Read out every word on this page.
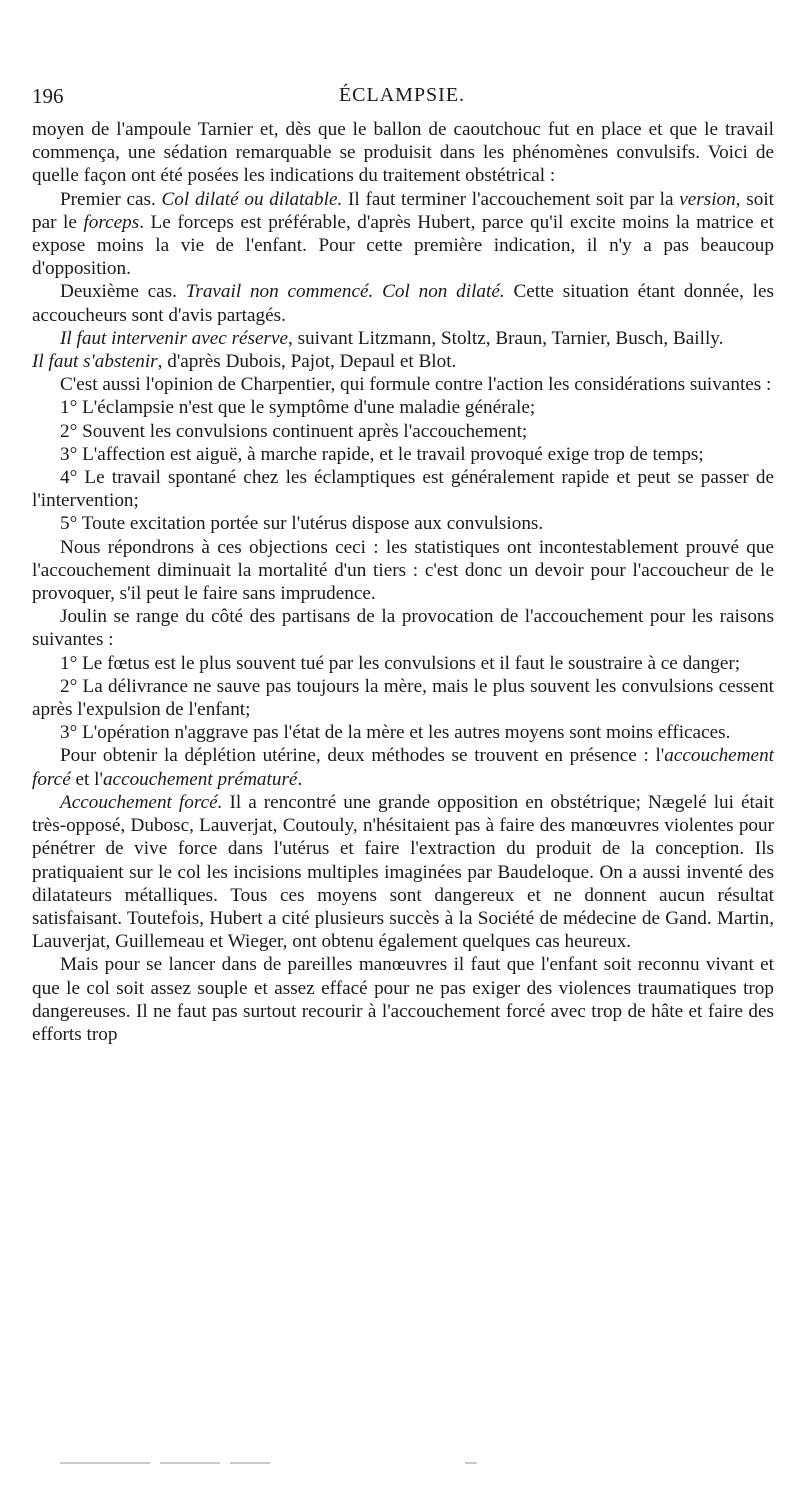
196	ÉCLAMPSIE.

moyen de l'ampoule Tarnier et, dès que le ballon de caoutchouc fut en place et que le travail commença, une sédation remarquable se produisit dans les phénomènes convulsifs. Voici de quelle façon ont été posées les indications du traitement obstétrical :

Premier cas. Col dilaté ou dilatable. Il faut terminer l'accouchement soit par la version, soit par le forceps. Le forceps est préférable, d'après Hubert, parce qu'il excite moins la matrice et expose moins la vie de l'enfant. Pour cette première indication, il n'y a pas beaucoup d'opposition.

Deuxième cas. Travail non commencé. Col non dilaté. Cette situation étant donnée, les accoucheurs sont d'avis partagés.

Il faut intervenir avec réserve, suivant Litzmann, Stoltz, Braun, Tarnier, Busch, Bailly.

Il faut s'abstenir, d'après Dubois, Pajot, Depaul et Blot.

C'est aussi l'opinion de Charpentier, qui formule contre l'action les considérations suivantes :

1° L'éclampsie n'est que le symptôme d'une maladie générale;

2° Souvent les convulsions continuent après l'accouchement;

3° L'affection est aiguë, à marche rapide, et le travail provoqué exige trop de temps;

4° Le travail spontané chez les éclamptiques est généralement rapide et peut se passer de l'intervention;

5° Toute excitation portée sur l'utérus dispose aux convulsions.

Nous répondrons à ces objections ceci : les statistiques ont incontestablement prouvé que l'accouchement diminuait la mortalité d'un tiers : c'est donc un devoir pour l'accoucheur de le provoquer, s'il peut le faire sans imprudence.

Joulin se range du côté des partisans de la provocation de l'accouchement pour les raisons suivantes :

1° Le fœtus est le plus souvent tué par les convulsions et il faut le soustraire à ce danger;

2° La délivrance ne sauve pas toujours la mère, mais le plus souvent les convulsions cessent après l'expulsion de l'enfant;

3° L'opération n'aggrave pas l'état de la mère et les autres moyens sont moins efficaces.

Pour obtenir la déplétion utérine, deux méthodes se trouvent en présence : l'accouchement forcé et l'accouchement prématuré.

Accouchement forcé. Il a rencontré une grande opposition en obstétrique; Nægelé lui était très-opposé, Dubosc, Lauverjat, Coutouly, n'hésitaient pas à faire des manœuvres violentes pour pénétrer de vive force dans l'utérus et faire l'extraction du produit de la conception. Ils pratiquaient sur le col les incisions multiples imaginées par Baudeloque. On a aussi inventé des dilatateurs métalliques. Tous ces moyens sont dangereux et ne donnent aucun résultat satisfaisant. Toutefois, Hubert a cité plusieurs succès à la Société de médecine de Gand. Martin, Lauverjat, Guillemeau et Wieger, ont obtenu également quelques cas heureux.

Mais pour se lancer dans de pareilles manœuvres il faut que l'enfant soit reconnu vivant et que le col soit assez souple et assez effacé pour ne pas exiger des violences traumatiques trop dangereuses. Il ne faut pas surtout recourir à l'accouchement forcé avec trop de hâte et faire des efforts trop
